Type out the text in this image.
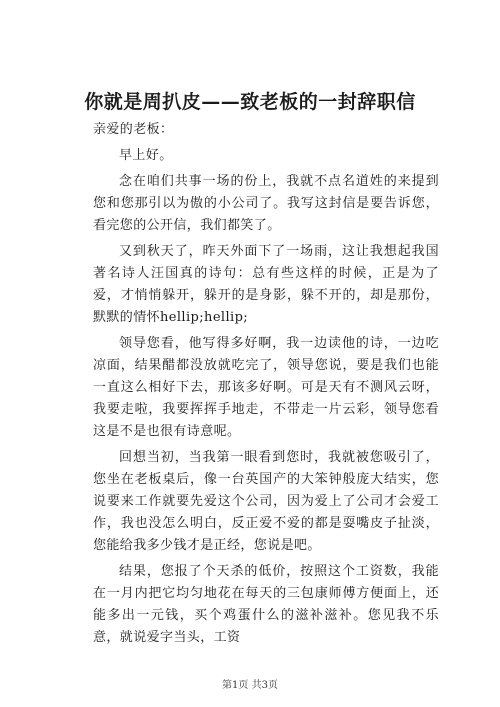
你就是周扒皮——致老板的一封辞职信

亲爱的老板：

早上好。

念在咱们共事一场的份上，我就不点名道姓的来提到您和您那引以为傲的小公司了。我写这封信是要告诉您，看完您的公开信，我们都笑了。

又到秋天了，昨天外面下了一场雨，这让我想起我国著名诗人汪国真的诗句：总有些这样的时候，正是为了爱，才悄悄躲开，躲开的是身影，躲不开的，却是那份，默默的情怀hellip;hellip;

领导您看，他写得多好啊，我一边读他的诗，一边吃凉面，结果醋都没放就吃完了，领导您说，要是我们也能一直这么相好下去，那该多好啊。可是天有不测风云呀，我要走啦，我要挥挥手地走，不带走一片云彩，领导您看这是不是也很有诗意呢。

回想当初，当我第一眼看到您时，我就被您吸引了，您坐在老板桌后，像一台英国产的大笨钟般庞大结实，您说要来工作就要先爱这个公司，因为爱上了公司才会爱工作，我也没怎么明白，反正爱不爱的都是耍嘴皮子扯淡，您能给我多少钱才是正经，您说是吧。

结果，您报了个天杀的低价，按照这个工资数，我能在一月内把它均匀地花在每天的三包康师傅方便面上，还能多出一元钱，买个鸡蛋什么的滋补滋补。您见我不乐意，就说爱字当头，工资

第1页 共3页
